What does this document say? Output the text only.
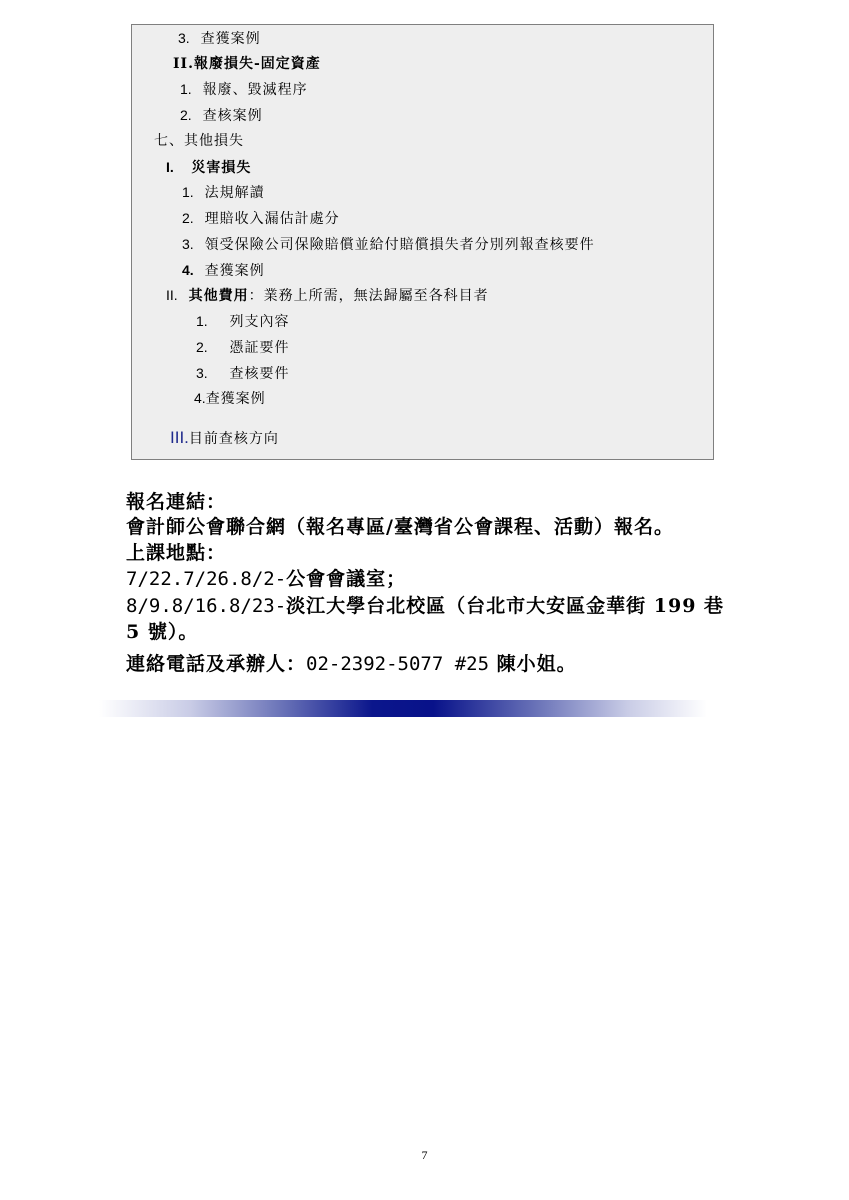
3. 查獲案例
II.報廢損失-固定資產
1. 報廢、毀滅程序
2. 查核案例
七、其他損失
I. 災害損失
1. 法規解讀
2. 理賠收入漏估計處分
3. 領受保險公司保險賠償並給付賠償損失者分別列報查核要件
4. 查獲案例
II. 其他費用：業務上所需，無法歸屬至各科目者
1. 列支內容
2. 憑証要件
3. 查核要件
4.查獲案例
III.目前查核方向
報名連結：
會計師公會聯合網（報名專區/臺灣省公會課程、活動）報名。
上課地點：
7/22.7/26.8/2-公會會議室；
8/9.8/16.8/23-淡江大學台北校區（台北市大安區金華街 199 巷
5 號）。
連絡電話及承辦人：02-2392-5077 #25 陳小姐。
7
